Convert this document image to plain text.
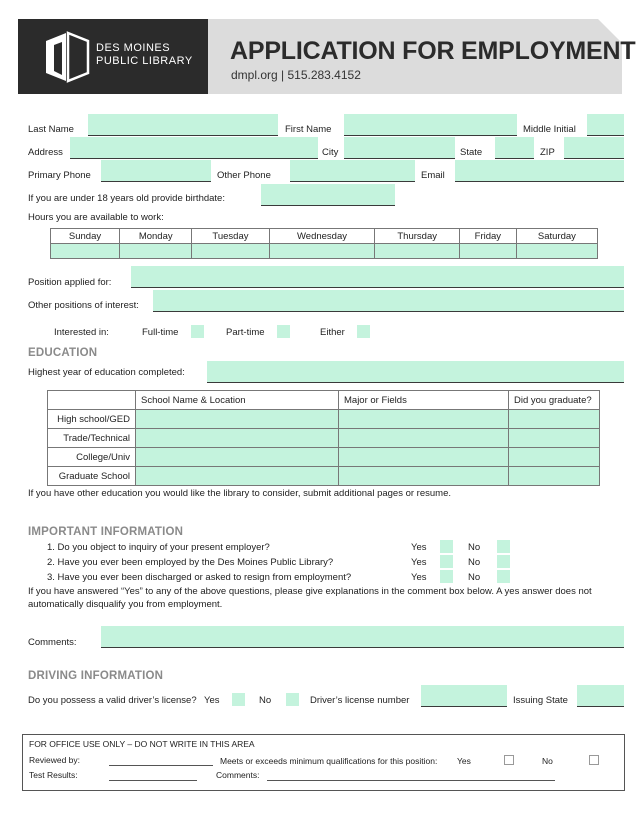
DES MOINES
PUBLIC LIBRARY APPLICATION FOR EMPLOYMENT
dmpl.org | 515.283.4152
Last Name	First Name	Middle Initial
Address	City	State	ZIP
Primary Phone	Other Phone	Email
If you are under 18 years old provide birthdate:
Hours you are available to work:
Sunday	Monday	Tuesday	Wednesday	Thursday	Friday	Saturday

Position applied for:
Other positions of interest:
Interested in:	Full-time	Part-time	Either
EDUCATION
Highest year of education completed:
	School Name & Location	Major or Fields	Did you graduate?
High school/GED			
Trade/Technical			
College/Univ			
Graduate School			
If you have other education you would like the library to consider, submit additional pages or resume.
IMPORTANT INFORMATION
1. Do you object to inquiry of your present employer?	Yes	No
2. Have you ever been employed by the Des Moines Public Library?	Yes	No
3. Have you ever been discharged or asked to resign from employment?	Yes	No
If you have answered “Yes” to any of the above questions, please give explanations in the comment box below. A yes answer does not
automatically disqualify you from employment.
Comments:
DRIVING INFORMATION
Do you possess a valid driver’s license? Yes	No	Driver’s license number	Issuing State
FOR OFFICE USE ONLY – DO NOT WRITE IN THIS AREA
Reviewed by:	Meets or exceeds minimum qualifications for this position: Yes	No
Test Results:	Comments:
